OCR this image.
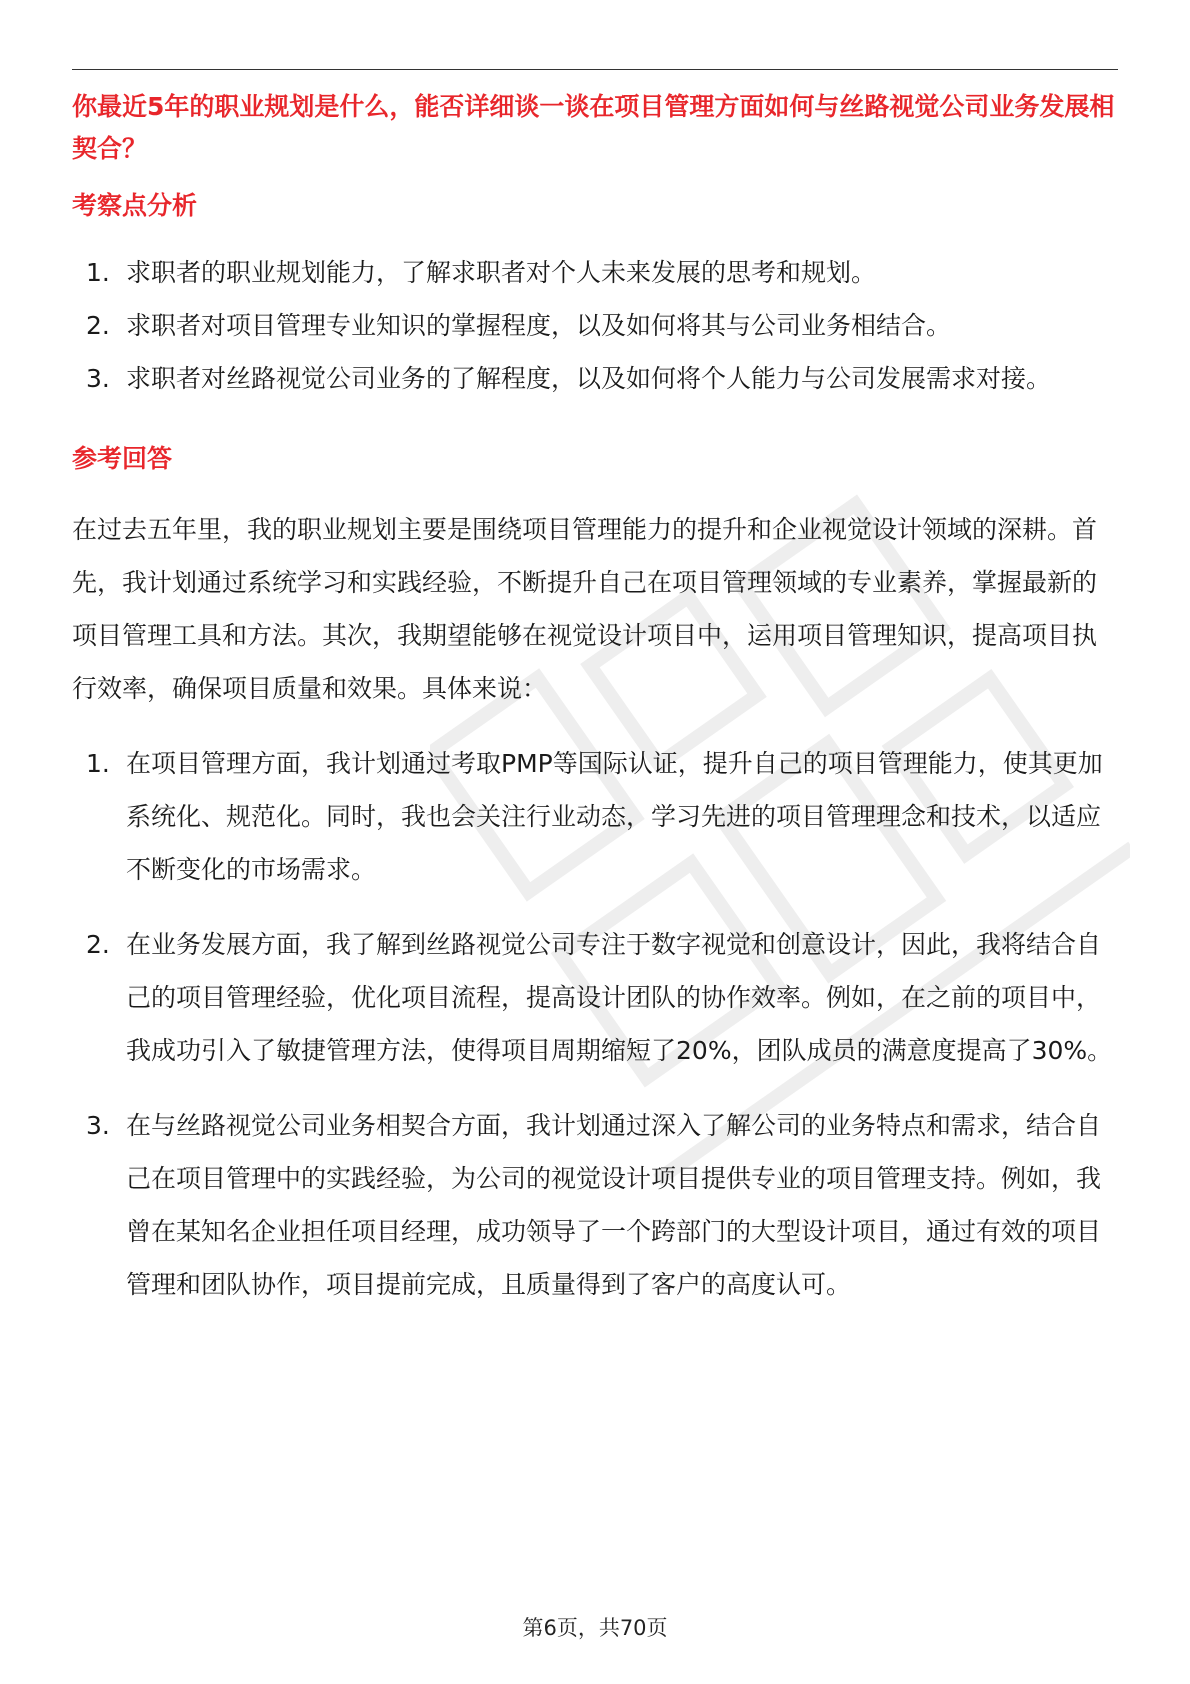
你最近5年的职业规划是什么，能否详细谈一谈在项目管理方面如何与丝路视觉公司业务发展相契合？
考察点分析
1. 求职者的职业规划能力，了解求职者对个人未来发展的思考和规划。
2. 求职者对项目管理专业知识的掌握程度，以及如何将其与公司业务相结合。
3. 求职者对丝路视觉公司业务的了解程度，以及如何将个人能力与公司发展需求对接。
参考回答

在过去五年里，我的职业规划主要是围绕项目管理能力的提升和企业视觉设计领域的深耕。首先，我计划通过系统学习和实践经验，不断提升自己在项目管理领域的专业素养，掌握最新的项目管理工具和方法。其次，我期望能够在视觉设计项目中，运用项目管理知识，提高项目执行效率，确保项目质量和效果。具体来说：

1. 在项目管理方面，我计划通过考取PMP等国际认证，提升自己的项目管理能力，使其更加系统化、规范化。同时，我也会关注行业动态，学习先进的项目管理理念和技术，以适应不断变化的市场需求。
2. 在业务发展方面，我了解到丝路视觉公司专注于数字视觉和创意设计，因此，我将结合自己的项目管理经验，优化项目流程，提高设计团队的协作效率。例如，在之前的项目中，我成功引入了敏捷管理方法，使得项目周期缩短了20%，团队成员的满意度提高了30%。
3. 在与丝路视觉公司业务相契合方面，我计划通过深入了解公司的业务特点和需求，结合自己在项目管理中的实践经验，为公司的视觉设计项目提供专业的项目管理支持。例如，我曾在某知名企业担任项目经理，成功领导了一个跨部门的大型设计项目，通过有效的项目管理和团队协作，项目提前完成，且质量得到了客户的高度认可。
第6页，共70页
